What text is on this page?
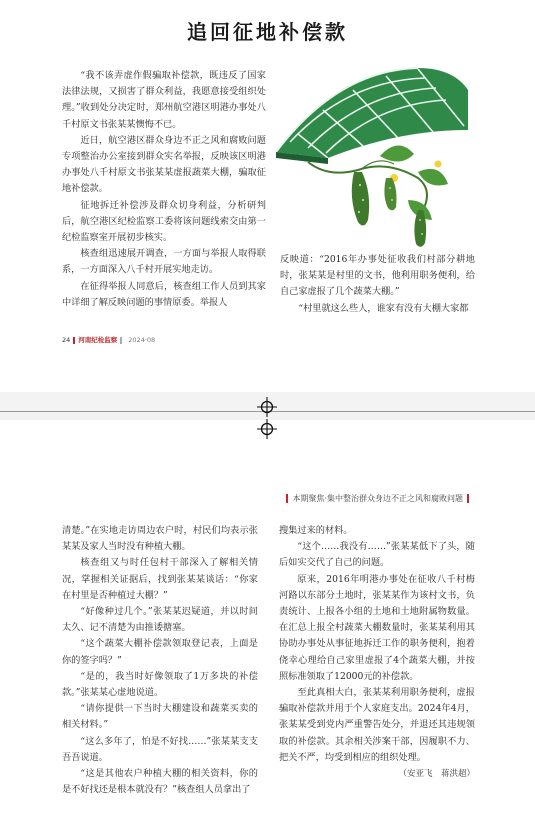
追回征地补偿款

“我不该弄虚作假骗取补偿款，既违反了国家法律法规，又损害了群众利益，我愿意接受组织处理。”收到处分决定时，郑州航空港区明港办事处八千村原文书张某某懊悔不已。

近日，航空港区群众身边不正之风和腐败问题专项整治办公室接到群众实名举报，反映该区明港办事处八千村原文书张某某虚报蔬菜大棚，骗取征地补偿款。

征地拆迁补偿涉及群众切身利益，分析研判后，航空港区纪检监察工委将该问题线索交由第一纪检监察室开展初步核实。

核查组迅速展开调查，一方面与举报人取得联系，一方面深入八千村开展实地走访。

在征得举报人同意后，核查组工作人员到其家中详细了解反映问题的事情原委。举报人

反映道：“2016年办事处征收我们村部分耕地时，张某某是村里的文书，他利用职务便利，给自己家虚报了几个蔬菜大棚。”

“村里就这么些人，谁家有没有大棚大家都

24 河南纪检监察 2024·08
本期聚焦·集中整治群众身边不正之风和腐败问题

清楚。”在实地走访周边农户时，村民们均表示张某某及家人当时没有种植大棚。

核查组又与时任包村干部深入了解相关情况，掌握相关证据后，找到张某某谈话：“你家在村里是否种植过大棚？”

“好像种过几个。”张某某迟疑道，并以时间太久、记不清楚为由推诿搪塞。

“这个蔬菜大棚补偿款领取登记表，上面是你的签字吗？”

“是的，我当时好像领取了1万多块的补偿款。”张某某心虚地说道。

“请你提供一下当时大棚建设和蔬菜买卖的相关材料。”

“这么多年了，怕是不好找……”张某某支支吾吾说道。

“这是其他农户种植大棚的相关资料，你的是不好找还是根本就没有？”核查组人员拿出了

搜集过来的材料。

“这个……我没有……”张某某低下了头，随后如实交代了自己的问题。

原来，2016年明港办事处在征收八千村梅河路以东部分土地时，张某某作为该村文书，负责统计、上报各小组的土地和土地附属物数量。在汇总上报全村蔬菜大棚数量时，张某某利用其协助办事处从事征地拆迁工作的职务便利，抱着侥幸心理给自己家里虚报了4个蔬菜大棚，并按照标准领取了12000元的补偿款。

至此真相大白，张某某利用职务便利，虚报骗取补偿款并用于个人家庭支出。2024年4月，张某某受到党内严重警告处分，并退还其违规领取的补偿款。其余相关涉案干部，因履职不力、把关不严，均受到相应的组织处理。

（安亚飞　蒋洪超）
